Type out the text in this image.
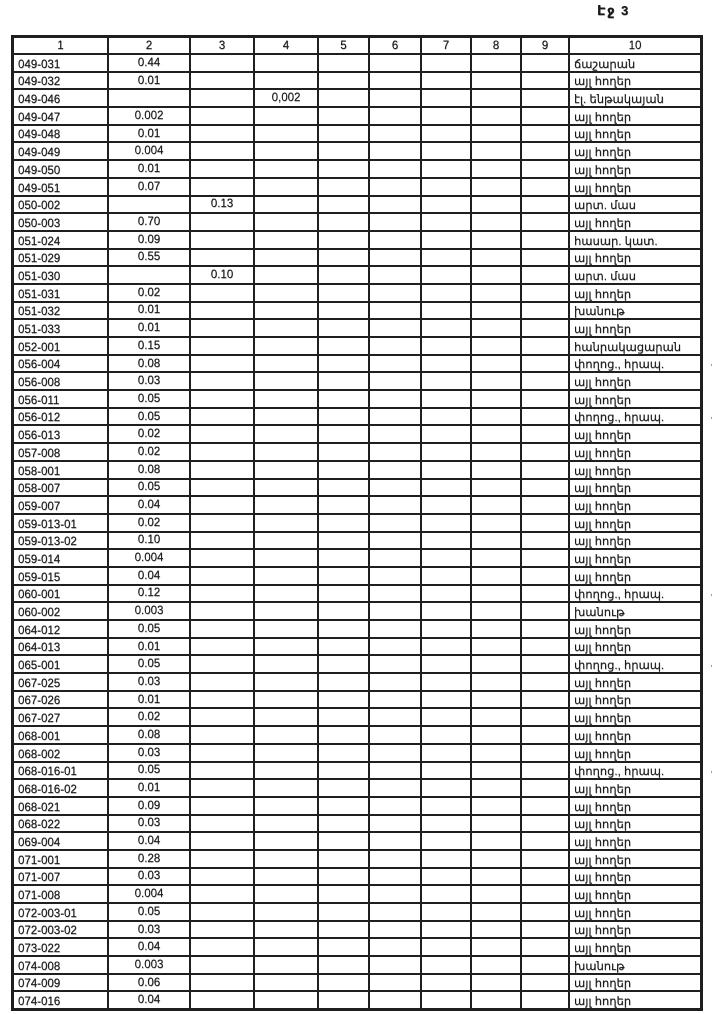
Էջ 3
1	2	3	4	5	6	7	8	9	10
049-031	0.44								ճաշարան
049-032	0.01								այլ հողեր
049-046			0,002						էլ. ենթակայան
049-047	0.002								այլ հողեր
049-048	0.01								այլ հողեր
049-049	0.004								այլ հողեր
049-050	0.01								այլ հողեր
049-051	0.07								այլ հողեր
050-002		0.13							արտ. մաս
050-003	0.70								այլ հողեր
051-024	0.09								հասար. կատ.
051-029	0.55								այլ հողեր
051-030		0.10							արտ. մաս
051-031	0.02								այլ հողեր
051-032	0.01								խանութ
051-033	0.01								այլ հողեր
052-001	0.15								հանրակացարան
056-004	0.08								փողոց., հրապ.

056-008	0.03								այլ հողեր
056-011	0.05								այլ հողեր
056-012	0.05								փողոց., հրապ.

056-013	0.02								այլ հողեր
057-008	0.02								այլ հողեր
058-001	0.08								այլ հողեր
058-007	0.05								այլ հողեր
059-007	0.04								այլ հողեր
059-013-01	0.02								այլ հողեր
059-013-02	0.10								այլ հողեր
059-014	0.004								այլ հողեր
059-015	0.04								այլ հողեր
060-001	0.12								փողոց., հրապ.

060-002	0.003								խանութ
064-012	0.05								այլ հողեր
064-013	0.01								այլ հողեր
065-001	0.05								փողոց., հրապ.

067-025	0.03								այլ հողեր
067-026	0.01								այլ հողեր
067-027	0.02								այլ հողեր
068-001	0.08								այլ հողեր
068-002	0.03								այլ հողեր
068-016-01	0.05								փողոց., հրապ.

068-016-02	0.01								այլ հողեր
068-021	0.09								այլ հողեր
068-022	0.03								այլ հողեր
069-004	0.04								այլ հողեր
071-001	0.28								այլ հողեր
071-007	0.03								այլ հողեր
071-008	0.004								այլ հողեր
072-003-01	0.05								այլ հողեր
072-003-02	0.03								այլ հողեր
073-022	0.04								այլ հողեր
074-008	0.003								խանութ
074-009	0.06								այլ հողեր
074-016	0.04								այլ հողեր
